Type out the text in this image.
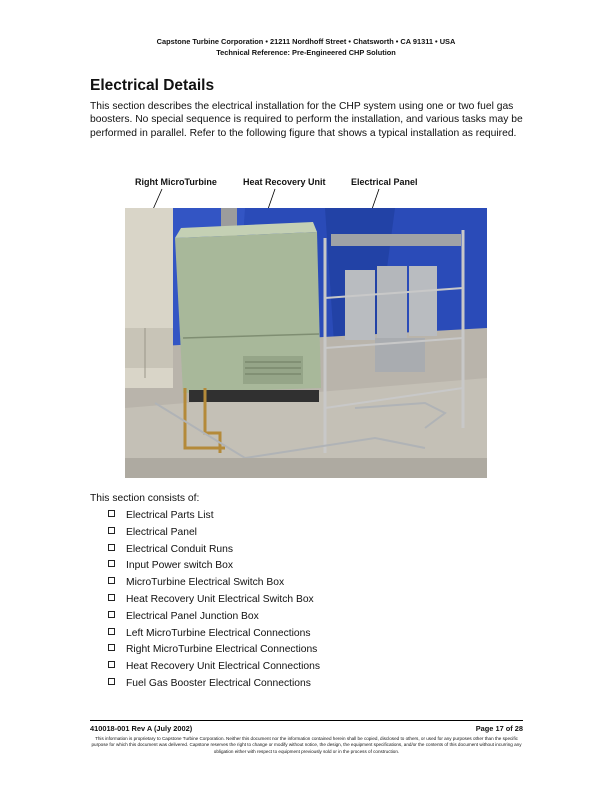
Capstone Turbine Corporation • 21211 Nordhoff Street • Chatsworth • CA 91311 • USA
Technical Reference: Pre-Engineered CHP Solution
Electrical Details
This section describes the electrical installation for the CHP system using one or two fuel gas boosters. No special sequence is required to perform the installation, and various tasks may be performed in parallel. Refer to the following figure that shows a typical installation as required.
Right MicroTurbine	Heat Recovery Unit	Electrical Panel
This section consists of:
Electrical Parts List
Electrical Panel
Electrical Conduit Runs
Input Power switch Box
MicroTurbine Electrical Switch Box
Heat Recovery Unit Electrical Switch Box
Electrical Panel Junction Box
Left MicroTurbine Electrical Connections
Right MicroTurbine Electrical Connections
Heat Recovery Unit Electrical Connections
Fuel Gas Booster Electrical Connections
410018-001 Rev A (July 2002)	Page 17 of 28
This information is proprietary to Capstone Turbine Corporation. Neither this document nor the information contained herein shall be copied, disclosed to others, or used for any purposes other than the specific purpose for which this document was delivered. Capstone reserves the right to change or modify without notice, the design, the equipment specifications, and/or the contents of this document without incurring any obligation either with respect to equipment previously sold or in the process of construction.
